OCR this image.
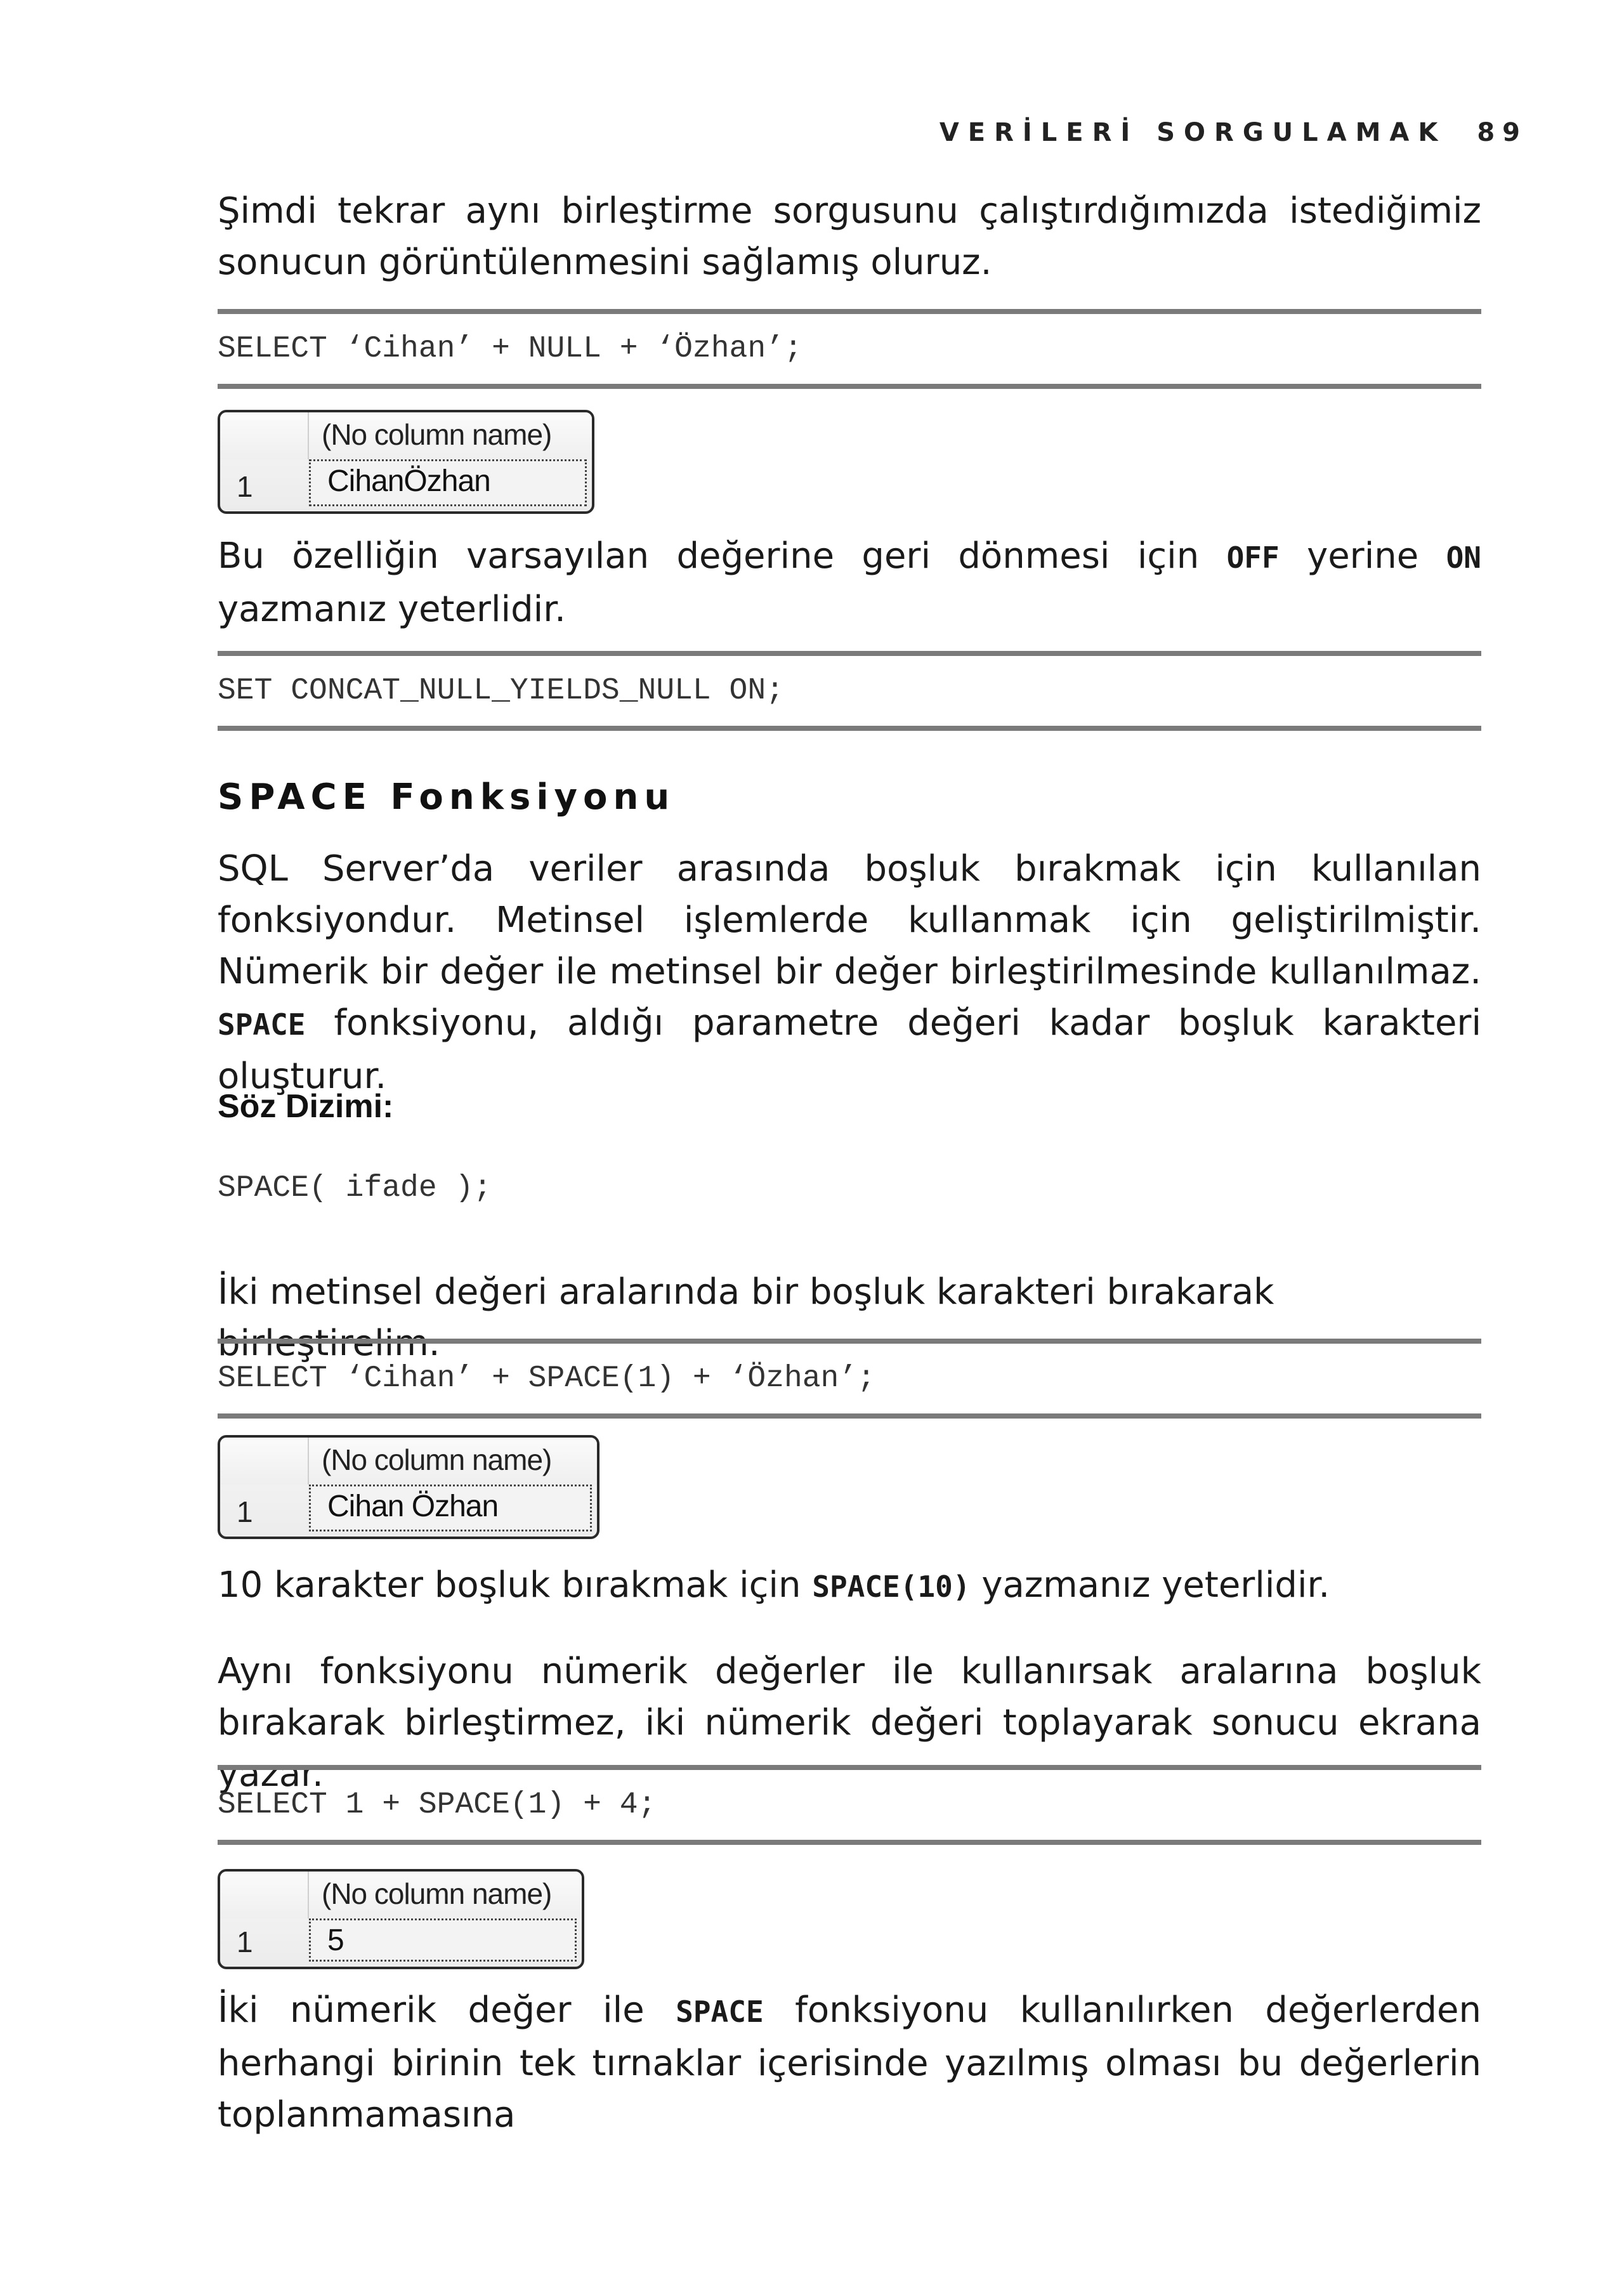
VERİLERİ SORGULAMAK 89

Şimdi tekrar aynı birleştirme sorgusunu çalıştırdığımızda istediğimiz sonucun görüntülenmesini sağlamış oluruz.

SELECT ‘Cihan’ + NULL + ‘Özhan’;
(No column name)
1 CihanÖzhan

Bu özelliğin varsayılan değerine geri dönmesi için OFF yerine ON yazmanız yeterlidir.

SET CONCAT_NULL_YIELDS_NULL ON;
SPACE Fonksiyonu

SQL Server’da veriler arasında boşluk bırakmak için kullanılan fonksiyondur. Metinsel işlemlerde kullanmak için geliştirilmiştir. Nümerik bir değer ile metinsel bir değer birleştirilmesinde kullanılmaz. SPACE fonksiyonu, aldığı parametre değeri kadar boşluk karakteri oluşturur.

Söz Dizimi:

SPACE( ifade );

İki metinsel değeri aralarında bir boşluk karakteri bırakarak birleştirelim.

SELECT ‘Cihan’ + SPACE(1) + ‘Özhan’;
(No column name)
1 Cihan Özhan

10 karakter boşluk bırakmak için SPACE(10) yazmanız yeterlidir.

Aynı fonksiyonu nümerik değerler ile kullanırsak aralarına boşluk bırakarak birleştirmez, iki nümerik değeri toplayarak sonucu ekrana yazar.

SELECT 1 + SPACE(1) + 4;
(No column name)
1 5

İki nümerik değer ile SPACE fonksiyonu kullanılırken değerlerden herhangi birinin tek tırnaklar içerisinde yazılmış olması bu değerlerin toplanmamasına
